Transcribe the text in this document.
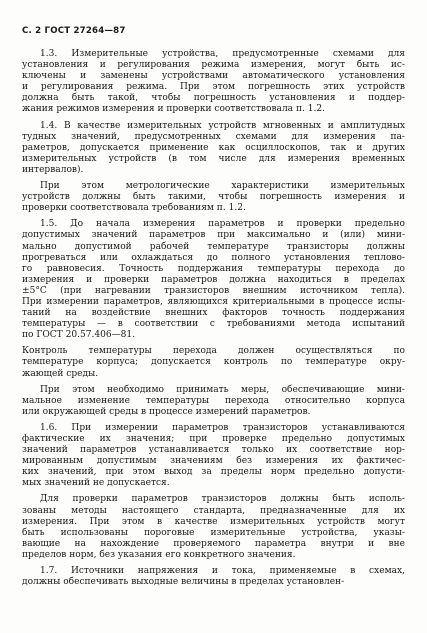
С. 2 ГОСТ 27264—87
1.3. Измерительные устройства, предусмотренные схемами для
установления и регулирования режима измерения, могут быть ис-
ключены и заменены устройствами автоматического установления
и регулирования режима. При этом погрешность этих устройств
должна быть такой, чтобы погрешность установления и поддер-
жания режимов измерения и проверки соответствовала п. 1.2.
1.4. В качестве измерительных устройств мгновенных и амплитудных
тудных значений, предусмотренных схемами для измерения па-
раметров, допускается применение как осциллоскопов, так и других
измерительных устройств (в том числе для измерения временных
интервалов).
При этом метрологические характеристики измерительных
устройств должны быть такими, чтобы погрешность измерения и
проверки соответствовала требованиям п. 1.2.
1.5. До начала измерения параметров и проверки предельно
допустимых значений параметров при максимально и (или) мини-
мально допустимой рабочей температуре транзисторы должны
прогреваться или охлаждаться до полного установления теплово-
го равновесия. Точность поддержания температуры перехода до
измерения и проверки параметров должна находиться в пределах
±5°С (при нагревании транзисторов внешним источником тепла).
При измерении параметров, являющихся критериальными в процессе испы-
таний на воздействие внешних факторов точность поддержания
температуры — в соответствии с требованиями метода испытаний
по ГОСТ 20.57.406—81.
Контроль температуры перехода должен осуществляться по
температуре корпуса; допускается контроль по температуре окру-
жающей среды.
При этом необходимо принимать меры, обеспечивающие мини-
мальное изменение температуры перехода относительно корпуса
или окружающей среды в процессе измерений параметров.
1.6. При измерении параметров транзисторов устанавливаются
фактические их значения; при проверке предельно допустимых
значений параметров устанавливается только их соответствие нор-
мированным допустимым значениям без измерения их фактичес-
ких значений, при этом выход за пределы норм предельно допусти-
мых значений не допускается.
Для проверки параметров транзисторов должны быть исполь-
зованы методы настоящего стандарта, предназначенные для их
измерения. При этом в качестве измерительных устройств могут
быть использованы пороговые измерительные устройства, указы-
вающие на нахождение проверяемого параметра внутри и вне
пределов норм, без указания его конкретного значения.
1.7. Источники напряжения и тока, применяемые в схемах,
должны обеспечивать выходные величины в пределах установлен-
